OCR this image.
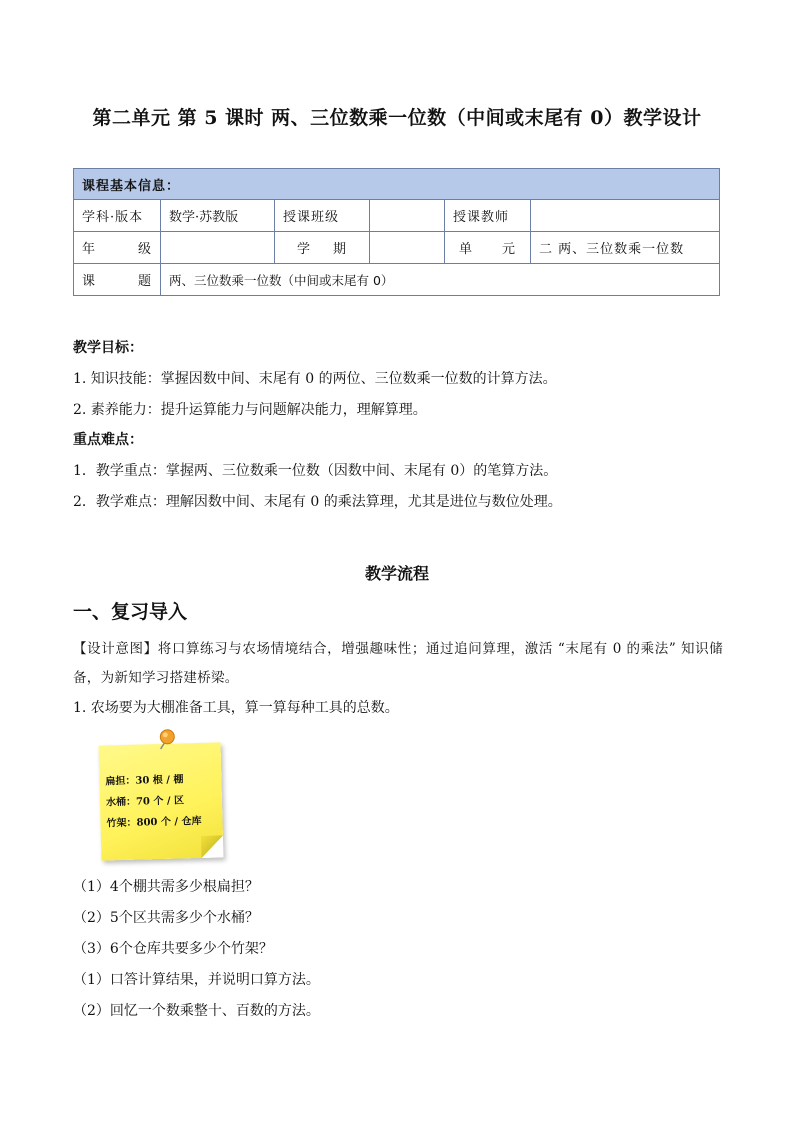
第二单元 第 5 课时 两、三位数乘一位数（中间或末尾有 0）教学设计
课程基本信息：					
学科·版本	数学·苏教版	授课班级		授课教师	

年 级		学 期		单 元	二 两、三位数乘一位数

课 题	两、三位数乘一位数（中间或末尾有 0）				
教学目标：
1. 知识技能：掌握因数中间、末尾有 0 的两位、三位数乘一位数的计算方法。
2. 素养能力：提升运算能力与问题解决能力，理解算理。
重点难点：
1．教学重点：掌握两、三位数乘一位数（因数中间、末尾有 0）的笔算方法。
2．教学难点：理解因数中间、末尾有 0 的乘法算理，尤其是进位与数位处理。
教学流程
一、复习导入
【设计意图】将口算练习与农场情境结合，增强趣味性；通过追问算理，激活 “末尾有 0 的乘法” 知识储备，为新知学习搭建桥梁。
1. 农场要为大棚准备工具，算一算每种工具的总数。
扁担：30 根 / 棚
水桶：70 个 / 区
竹架：800 个 / 仓库
（1）4个棚共需多少根扁担？
（2）5个区共需多少个水桶？
（3）6个仓库共要多少个竹架？
（1）口答计算结果，并说明口算方法。
（2）回忆一个数乘整十、百数的方法。
